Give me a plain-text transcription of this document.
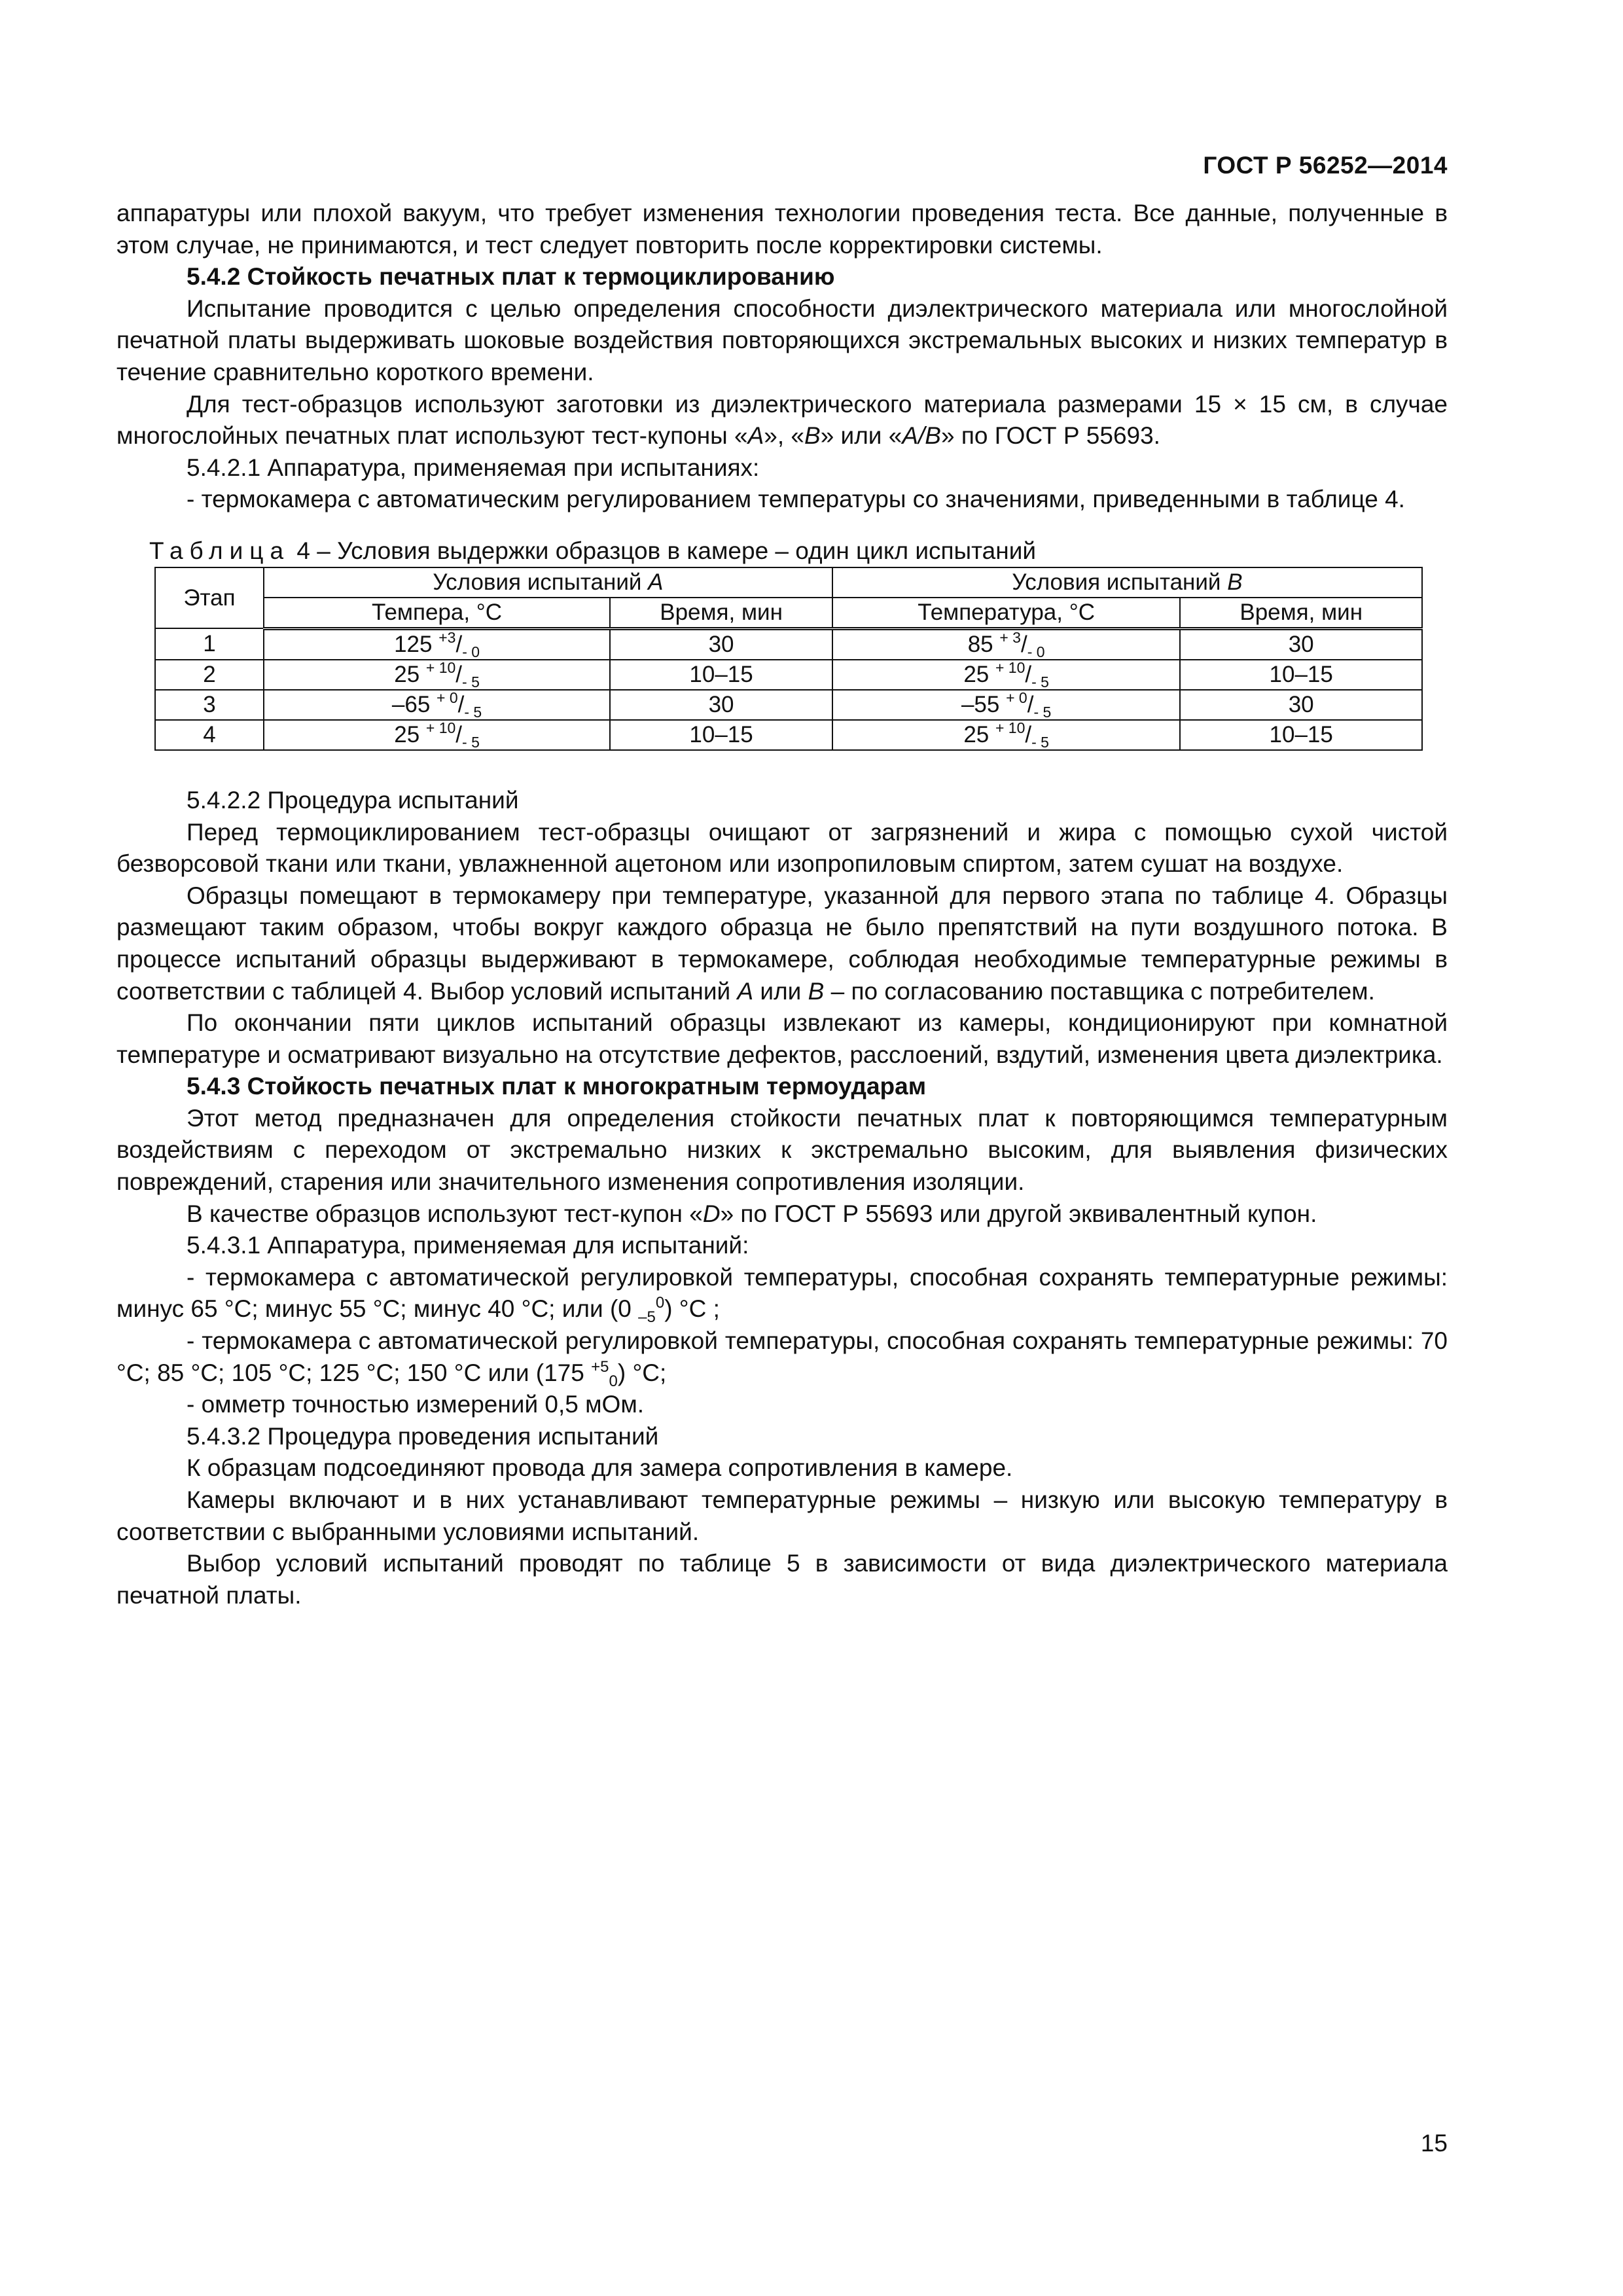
ГОСТ Р 56252—2014

аппаратуры или плохой вакуум, что требует изменения технологии проведения теста. Все данные, полученные в этом случае, не принимаются, и тест следует повторить после корректировки системы.

5.4.2 Стойкость печатных плат к термоциклированию

Испытание проводится с целью определения способности диэлектрического материала или многослойной печатной платы выдерживать шоковые воздействия повторяющихся экстремальных высоких и низких температур в течение сравнительно короткого времени.

Для тест-образцов используют заготовки из диэлектрического материала размерами 15 × 15 см, в случае многослойных печатных плат используют тест-купоны «A», «B» или «A/B» по ГОСТ Р 55693.

5.4.2.1 Аппаратура, применяемая при испытаниях:

- термокамера с автоматическим регулированием температуры со значениями, приведенными в таблице 4.

Таблица 4 – Условия выдержки образцов в камере – один цикл испытаний
Этап	Условия испытаний A		Условия испытаний B	
	Темпера, °С	Время, мин	Температура, °С	Время, мин
1	125 $^{+3}/_{- 0}$	30	85 $^{+ 3}/_{- 0}$	30
2	25 $^{+ 10}/_{- 5}$	10–15	25 $^{+ 10}/_{- 5}$	10–15
3	–65 $^{+ 0}/_{- 5}$	30	–55 $^{+ 0}/_{- 5}$	30
4	25 $^{+ 10}/_{- 5}$	10–15	25 $^{+ 10}/_{- 5}$	10–15

5.4.2.2 Процедура испытаний

Перед термоциклированием тест-образцы очищают от загрязнений и жира с помощью сухой чистой безворсовой ткани или ткани, увлажненной ацетоном или изопропиловым спиртом, затем сушат на воздухе.

Образцы помещают в термокамеру при температуре, указанной для первого этапа по таблице 4. Образцы размещают таким образом, чтобы вокруг каждого образца не было препятствий на пути воздушного потока. В процессе испытаний образцы выдерживают в термокамере, соблюдая необходимые температурные режимы в соответствии с таблицей 4. Выбор условий испытаний A или B – по согласованию поставщика с потребителем.

По окончании пяти циклов испытаний образцы извлекают из камеры, кондиционируют при комнатной температуре и осматривают визуально на отсутствие дефектов, расслоений, вздутий, изменения цвета диэлектрика.

5.4.3 Стойкость печатных плат к многократным термоударам

Этот метод предназначен для определения стойкости печатных плат к повторяющимся температурным воздействиям с переходом от экстремально низких к экстремально высоким, для выявления физических повреждений, старения или значительного изменения сопротивления изоляции.

В качестве образцов используют тест-купон «D» по ГОСТ Р 55693 или другой эквивалентный купон.

5.4.3.1 Аппаратура, применяемая для испытаний:

- термокамера с автоматической регулировкой температуры, способная сохранять температурные режимы: минус 65 °С; минус 55 °С; минус 40 °С; или (0 $_{-5}^0$) °С ;

- термокамера с автоматической регулировкой температуры, способная сохранять температурные режимы: 70 °С; 85 °С; 105 °С; 125 °С; 150 °С или (175 $^{+5}_0$) °С;

- омметр точностью измерений 0,5 мОм.

5.4.3.2 Процедура проведения испытаний

К образцам подсоединяют провода для замера сопротивления в камере.

Камеры включают и в них устанавливают температурные режимы – низкую или высокую температуру в соответствии с выбранными условиями испытаний.

Выбор условий испытаний проводят по таблице 5 в зависимости от вида диэлектрического материала печатной платы.

15
